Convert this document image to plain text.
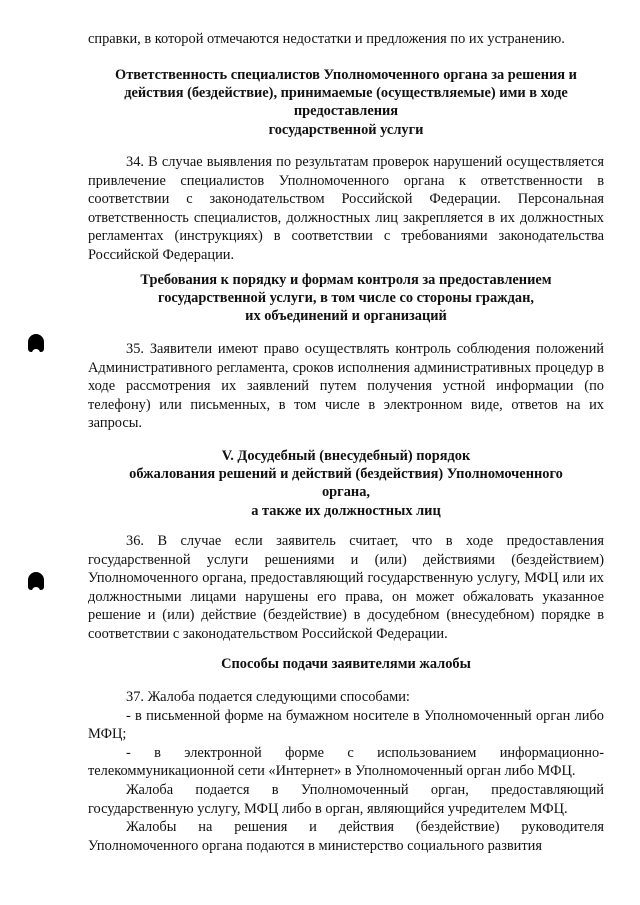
справки, в которой отмечаются недостатки и предложения по их устранению.
Ответственность специалистов Уполномоченного органа за решения и
действия (бездействие), принимаемые (осуществляемые) ими в ходе
предоставления
государственной услуги

34. В случае выявления по результатам проверок нарушений осуществляется привлечение специалистов Уполномоченного органа к ответственности в соответствии с законодательством Российской Федерации. Персональная ответственность специалистов, должностных лиц закрепляется в их должностных регламентах (инструкциях) в соответствии с требованиями законодательства Российской Федерации.

Требования к порядку и формам контроля за предоставлением
государственной услуги, в том числе со стороны граждан,
их объединений и организаций

35. Заявители имеют право осуществлять контроль соблюдения положений Административного регламента, сроков исполнения административных процедур в ходе рассмотрения их заявлений путем получения устной информации (по телефону) или письменных, в том числе в электронном виде, ответов на их запросы.

V. Досудебный (внесудебный) порядок
обжалования решений и действий (бездействия) Уполномоченного
органа,
а также их должностных лиц

36. В случае если заявитель считает, что в ходе предоставления государственной услуги решениями и (или) действиями (бездействием) Уполномоченного органа, предоставляющий государственную услугу, МФЦ или их должностными лицами нарушены его права, он может обжаловать указанное решение и (или) действие (бездействие) в досудебном (внесудебном) порядке в соответствии с законодательством Российской Федерации.

Способы подачи заявителями жалобы

37. Жалоба подается следующими способами:

- в письменной форме на бумажном носителе в Уполномоченный орган либо МФЦ;

- в электронной форме с использованием информационно-телекоммуникационной сети «Интернет» в Уполномоченный орган либо МФЦ.

Жалоба подается в Уполномоченный орган, предоставляющий государственную услугу, МФЦ либо в орган, являющийся учредителем МФЦ.

Жалобы на решения и действия (бездействие) руководителя Уполномоченного органа подаются в министерство социального развития
